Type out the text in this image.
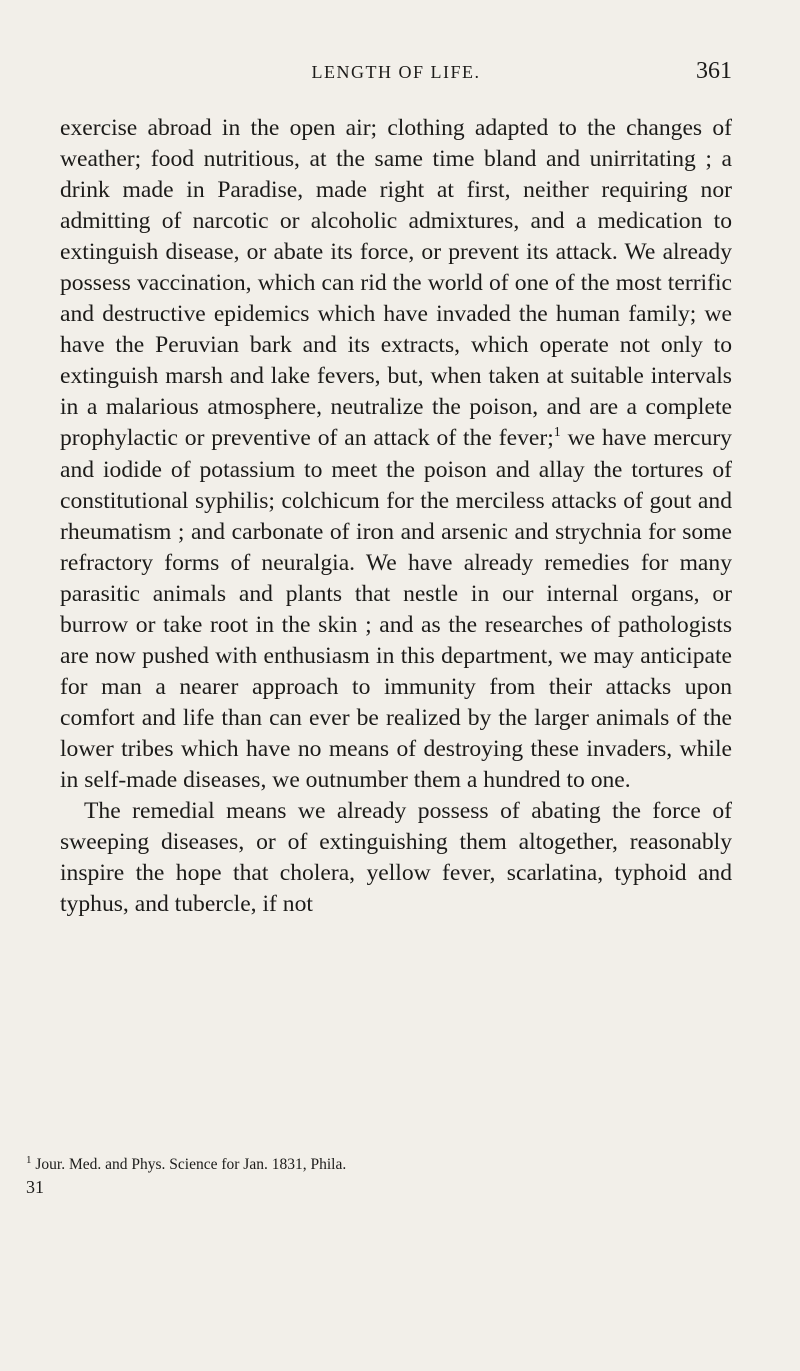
LENGTH OF LIFE.	361

exercise abroad in the open air; clothing adapted to the changes of weather; food nutritious, at the same time bland and unirritating ; a drink made in Paradise, made right at first, neither requiring nor admitting of narcotic or alcoholic admixtures, and a medication to extinguish disease, or abate its force, or prevent its attack. We already possess vaccination, which can rid the world of one of the most terrific and destructive epidemics which have invaded the human family; we have the Peruvian bark and its extracts, which operate not only to extinguish marsh and lake fevers, but, when taken at suitable intervals in a malarious atmosphere, neutralize the poison, and are a complete prophylactic or preventive of an attack of the fever;$^1$ we have mercury and iodide of potassium to meet the poison and allay the tortures of constitutional syphilis; colchicum for the merciless attacks of gout and rheumatism ; and carbonate of iron and arsenic and strychnia for some refractory forms of neuralgia. We have already remedies for many parasitic animals and plants that nestle in our internal organs, or burrow or take root in the skin ; and as the researches of pathologists are now pushed with enthusiasm in this department, we may anticipate for man a nearer approach to immunity from their attacks upon comfort and life than can ever be realized by the larger animals of the lower tribes which have no means of destroying these invaders, while in self-made diseases, we outnumber them a hundred to one.

The remedial means we already possess of abating the force of sweeping diseases, or of extinguishing them altogether, reasonably inspire the hope that cholera, yellow fever, scarlatina, typhoid and typhus, and tubercle, if not

$^1$ Jour. Med. and Phys. Science for Jan. 1831, Phila.
31
